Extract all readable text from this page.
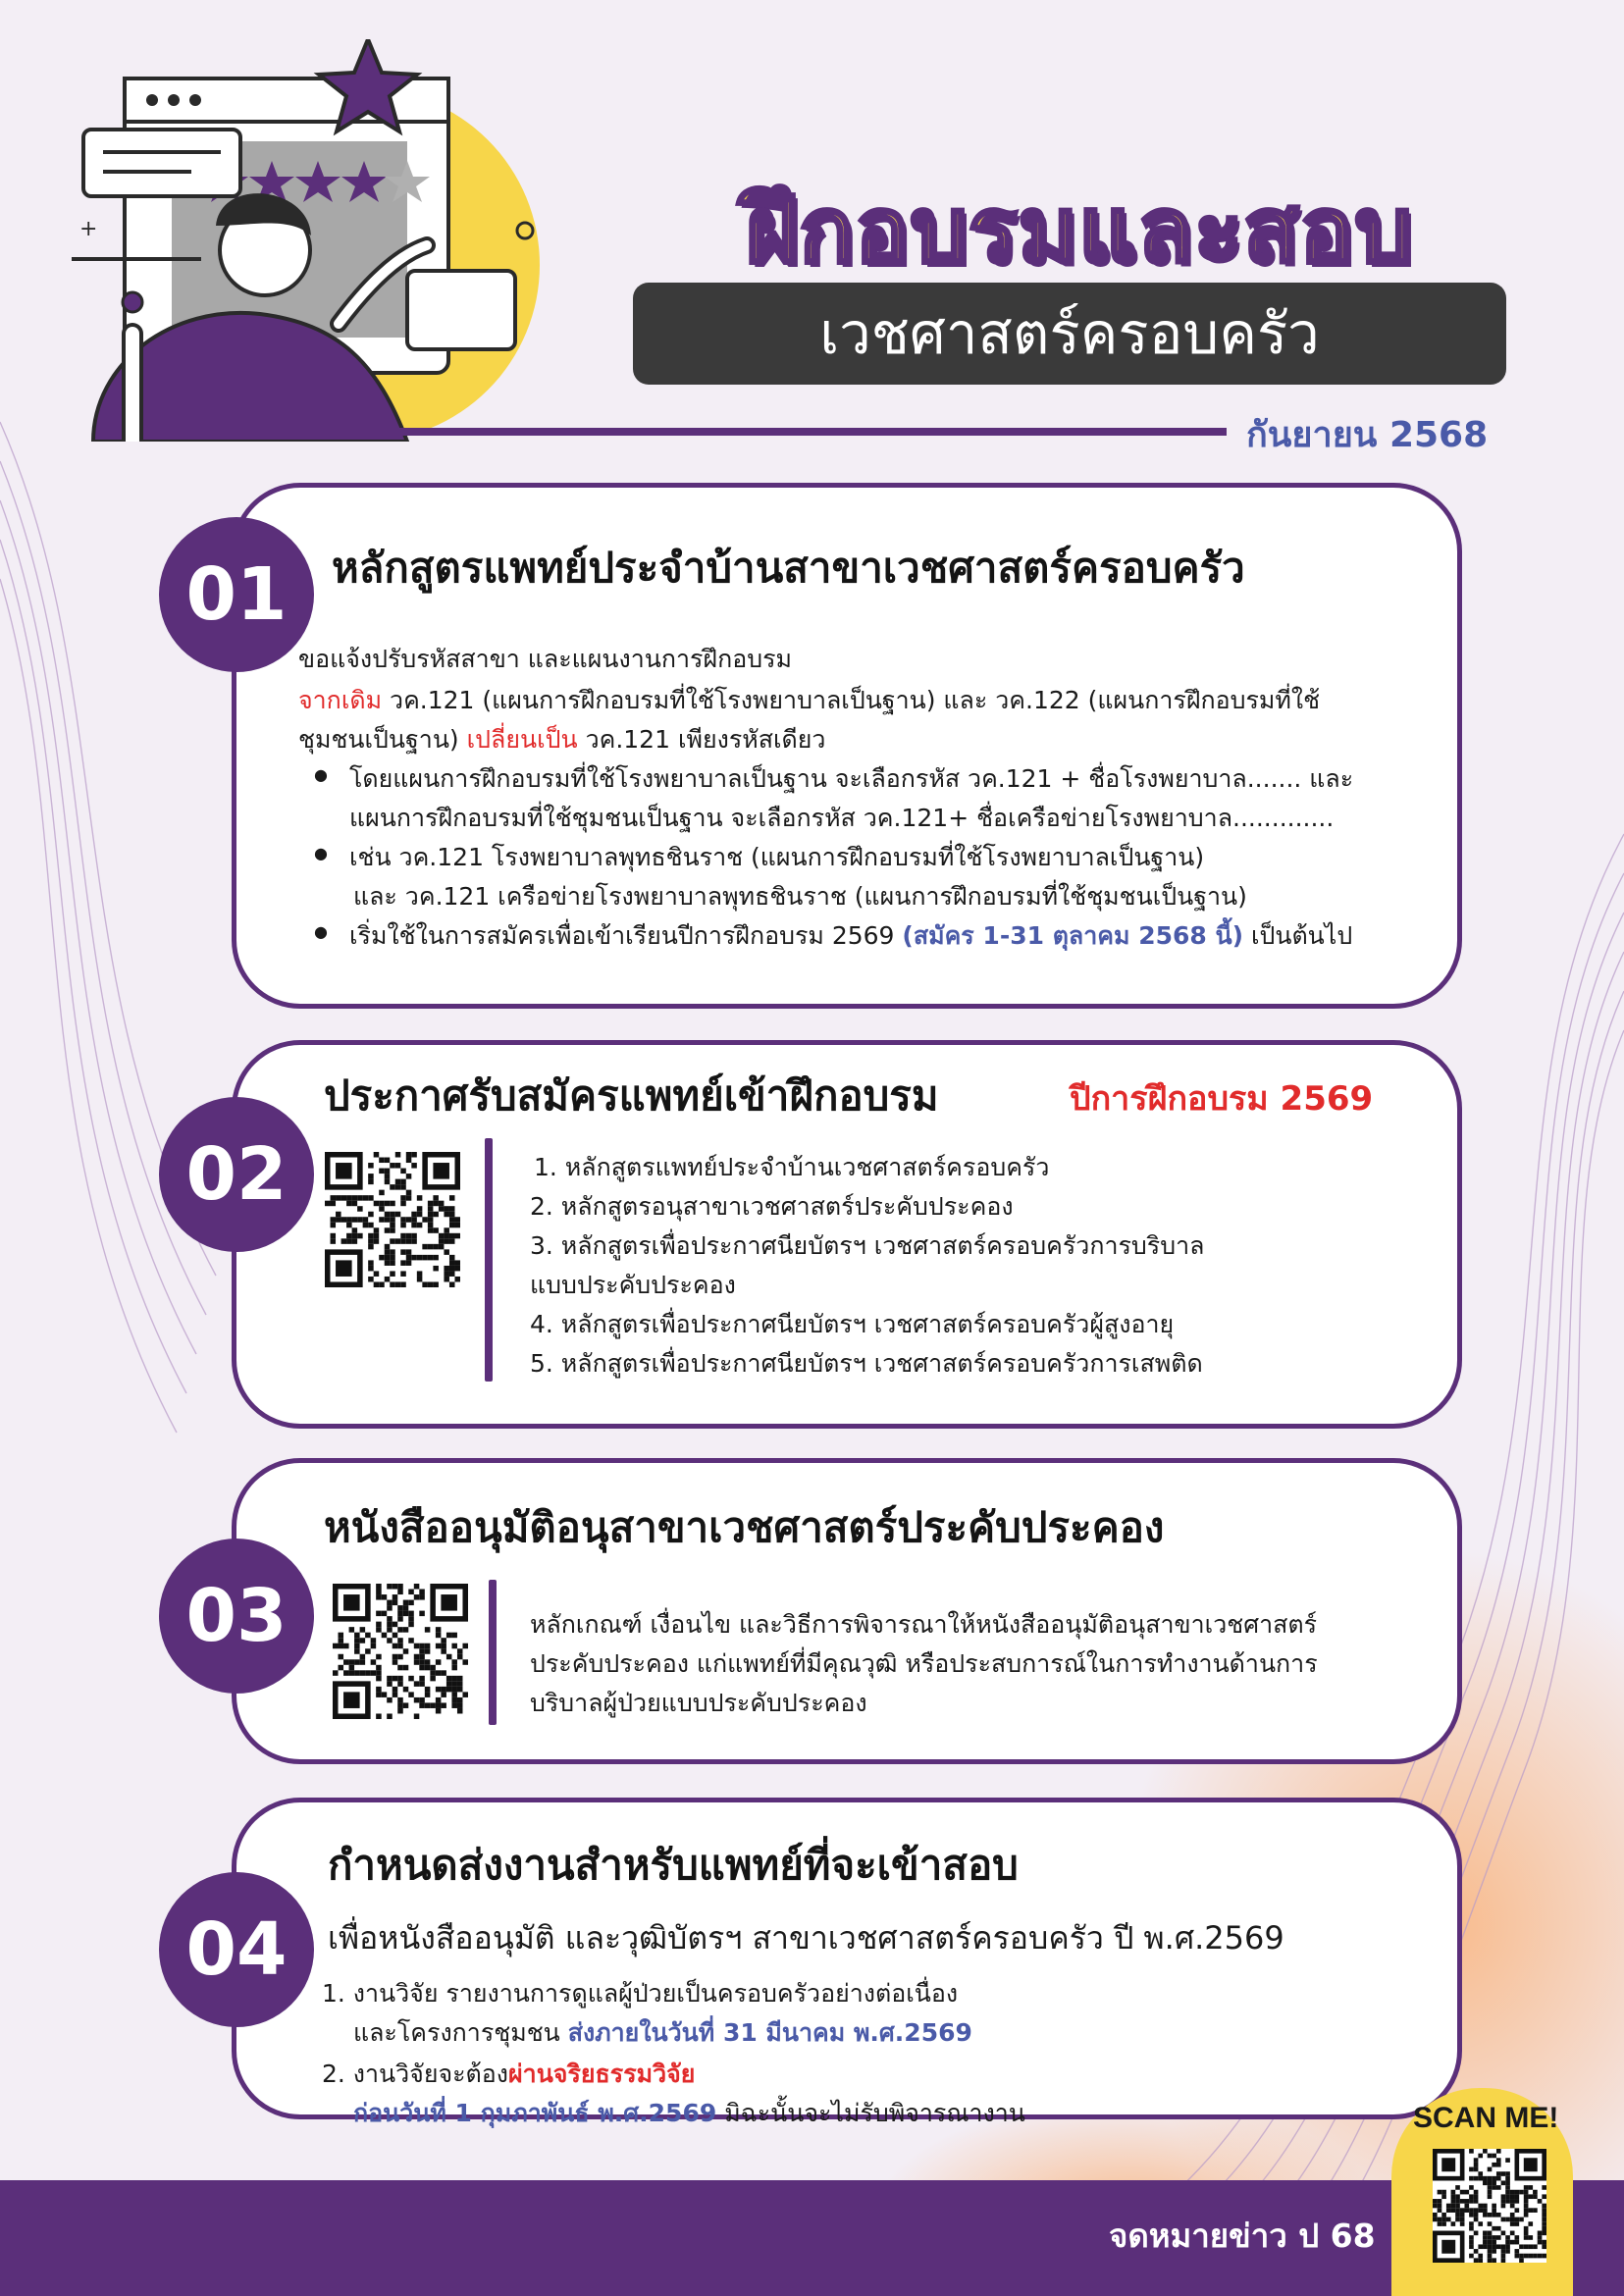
+	ฝึกอบรมและสอบ
เวชศาสตร์ครอบครัว
กันยายน 2568
01	หลักสูตรแพทย์ประจำบ้านสาขาเวชศาสตร์ครอบครัว
ขอแจ้งปรับรหัสสาขา และแผนงานการฝึกอบรม
จากเดิม วค.121 (แผนการฝึกอบรมที่ใช้โรงพยาบาลเป็นฐาน) และ วค.122 (แผนการฝึกอบรมที่ใช้
ชุมชนเป็นฐาน) เปลี่ยนเป็น วค.121 เพียงรหัสเดียว
● โดยแผนการฝึกอบรมที่ใช้โรงพยาบาลเป็นฐาน จะเลือกรหัส วค.121 + ชื่อโรงพยาบาล....... และ
แผนการฝึกอบรมที่ใช้ชุมชนเป็นฐาน จะเลือกรหัส วค.121+ ชื่อเครือข่ายโรงพยาบาล.............
● เช่น วค.121 โรงพยาบาลพุทธชินราช (แผนการฝึกอบรมที่ใช้โรงพยาบาลเป็นฐาน)
และ วค.121 เครือข่ายโรงพยาบาลพุทธชินราช (แผนการฝึกอบรมที่ใช้ชุมชนเป็นฐาน)
● เริ่มใช้ในการสมัครเพื่อเข้าเรียนปีการฝึกอบรม 2569 (สมัคร 1-31 ตุลาคม 2568 นี้) เป็นต้นไป
02
ประกาศรับสมัครแพทย์เข้าฝึกอบรม	ปีการฝึกอบรม 2569
1. หลักสูตรแพทย์ประจำบ้านเวชศาสตร์ครอบครัว
2. หลักสูตรอนุสาขาเวชศาสตร์ประคับประคอง
3. หลักสูตรเพื่อประกาศนียบัตรฯ เวชศาสตร์ครอบครัวการบริบาล
แบบประคับประคอง
4. หลักสูตรเพื่อประกาศนียบัตรฯ เวชศาสตร์ครอบครัวผู้สูงอายุ
5. หลักสูตรเพื่อประกาศนียบัตรฯ เวชศาสตร์ครอบครัวการเสพติด
03
หนังสืออนุมัติอนุสาขาเวชศาสตร์ประคับประคอง
หลักเกณฑ์ เงื่อนไข และวิธีการพิจารณาให้หนังสืออนุมัติอนุสาขาเวชศาสตร์
ประคับประคอง แก่แพทย์ที่มีคุณวุฒิ หรือประสบการณ์ในการทำงานด้านการ
บริบาลผู้ป่วยแบบประคับประคอง
04
กำหนดส่งงานสำหรับแพทย์ที่จะเข้าสอบ
เพื่อหนังสืออนุมัติ และวุฒิบัตรฯ สาขาเวชศาสตร์ครอบครัว ปี พ.ศ.2569
1. งานวิจัย รายงานการดูแลผู้ป่วยเป็นครอบครัวอย่างต่อเนื่อง
และโครงการชุมชน ส่งภายในวันที่ 31 มีนาคม พ.ศ.2569
2. งานวิจัยจะต้องผ่านจริยธรรมวิจัย
ก่อนวันที่ 1 กุมภาพันธ์ พ.ศ.2569 มิฉะนั้นจะไม่รับพิจารณางาน
จดหมายข่าว ป 68
SCAN ME!
